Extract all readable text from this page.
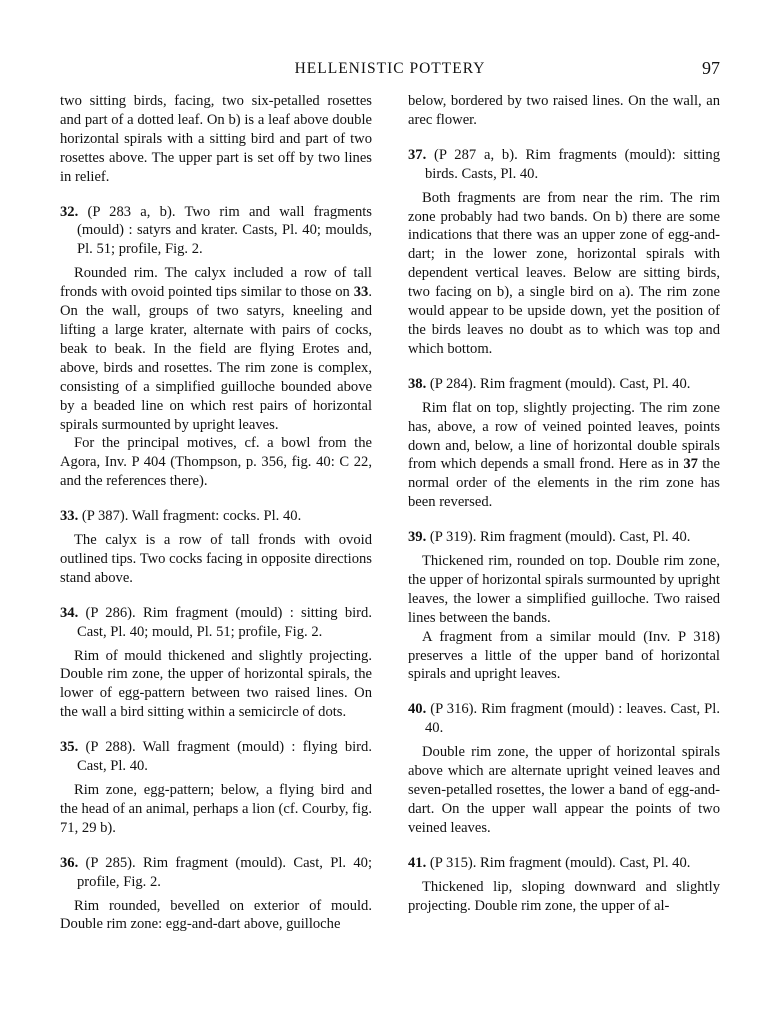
HELLENISTIC POTTERY	97

two sitting birds, facing, two six-petalled rosettes and part of a dotted leaf. On b) is a leaf above double horizontal spirals with a sitting bird and part of two rosettes above. The upper part is set off by two lines in relief.

32. (P 283 a, b). Two rim and wall fragments (mould) : satyrs and krater. Casts, Pl. 40; moulds, Pl. 51; profile, Fig. 2.

Rounded rim. The calyx included a row of tall fronds with ovoid pointed tips similar to those on 33. On the wall, groups of two satyrs, kneeling and lifting a large krater, alternate with pairs of cocks, beak to beak. In the field are flying Erotes and, above, birds and rosettes. The rim zone is complex, consisting of a simplified guilloche bounded above by a beaded line on which rest pairs of horizontal spirals surmounted by upright leaves.

For the principal motives, cf. a bowl from the Agora, Inv. P 404 (Thompson, p. 356, fig. 40: C 22, and the references there).

33. (P 387). Wall fragment: cocks. Pl. 40.

The calyx is a row of tall fronds with ovoid outlined tips. Two cocks facing in opposite directions stand above.

34. (P 286). Rim fragment (mould) : sitting bird. Cast, Pl. 40; mould, Pl. 51; profile, Fig. 2.

Rim of mould thickened and slightly projecting. Double rim zone, the upper of horizontal spirals, the lower of egg-pattern between two raised lines. On the wall a bird sitting within a semicircle of dots.

35. (P 288). Wall fragment (mould) : flying bird. Cast, Pl. 40.

Rim zone, egg-pattern; below, a flying bird and the head of an animal, perhaps a lion (cf. Courby, fig. 71, 29 b).

36. (P 285). Rim fragment (mould). Cast, Pl. 40; profile, Fig. 2.

Rim rounded, bevelled on exterior of mould. Double rim zone: egg-and-dart above, guilloche

below, bordered by two raised lines. On the wall, an arec flower.

37. (P 287 a, b). Rim fragments (mould): sitting birds. Casts, Pl. 40.

Both fragments are from near the rim. The rim zone probably had two bands. On b) there are some indications that there was an upper zone of egg-and-dart; in the lower zone, horizontal spirals with dependent vertical leaves. Below are sitting birds, two facing on b), a single bird on a). The rim zone would appear to be upside down, yet the position of the birds leaves no doubt as to which was top and which bottom.

38. (P 284). Rim fragment (mould). Cast, Pl. 40.

Rim flat on top, slightly projecting. The rim zone has, above, a row of veined pointed leaves, points down and, below, a line of horizontal double spirals from which depends a small frond. Here as in 37 the normal order of the elements in the rim zone has been reversed.

39. (P 319). Rim fragment (mould). Cast, Pl. 40.

Thickened rim, rounded on top. Double rim zone, the upper of horizontal spirals surmounted by upright leaves, the lower a simplified guilloche. Two raised lines between the bands.

A fragment from a similar mould (Inv. P 318) preserves a little of the upper band of horizontal spirals and upright leaves.

40. (P 316). Rim fragment (mould) : leaves. Cast, Pl. 40.

Double rim zone, the upper of horizontal spirals above which are alternate upright veined leaves and seven-petalled rosettes, the lower a band of egg-and-dart. On the upper wall appear the points of two veined leaves.

41. (P 315). Rim fragment (mould). Cast, Pl. 40.

Thickened lip, sloping downward and slightly projecting. Double rim zone, the upper of al-
